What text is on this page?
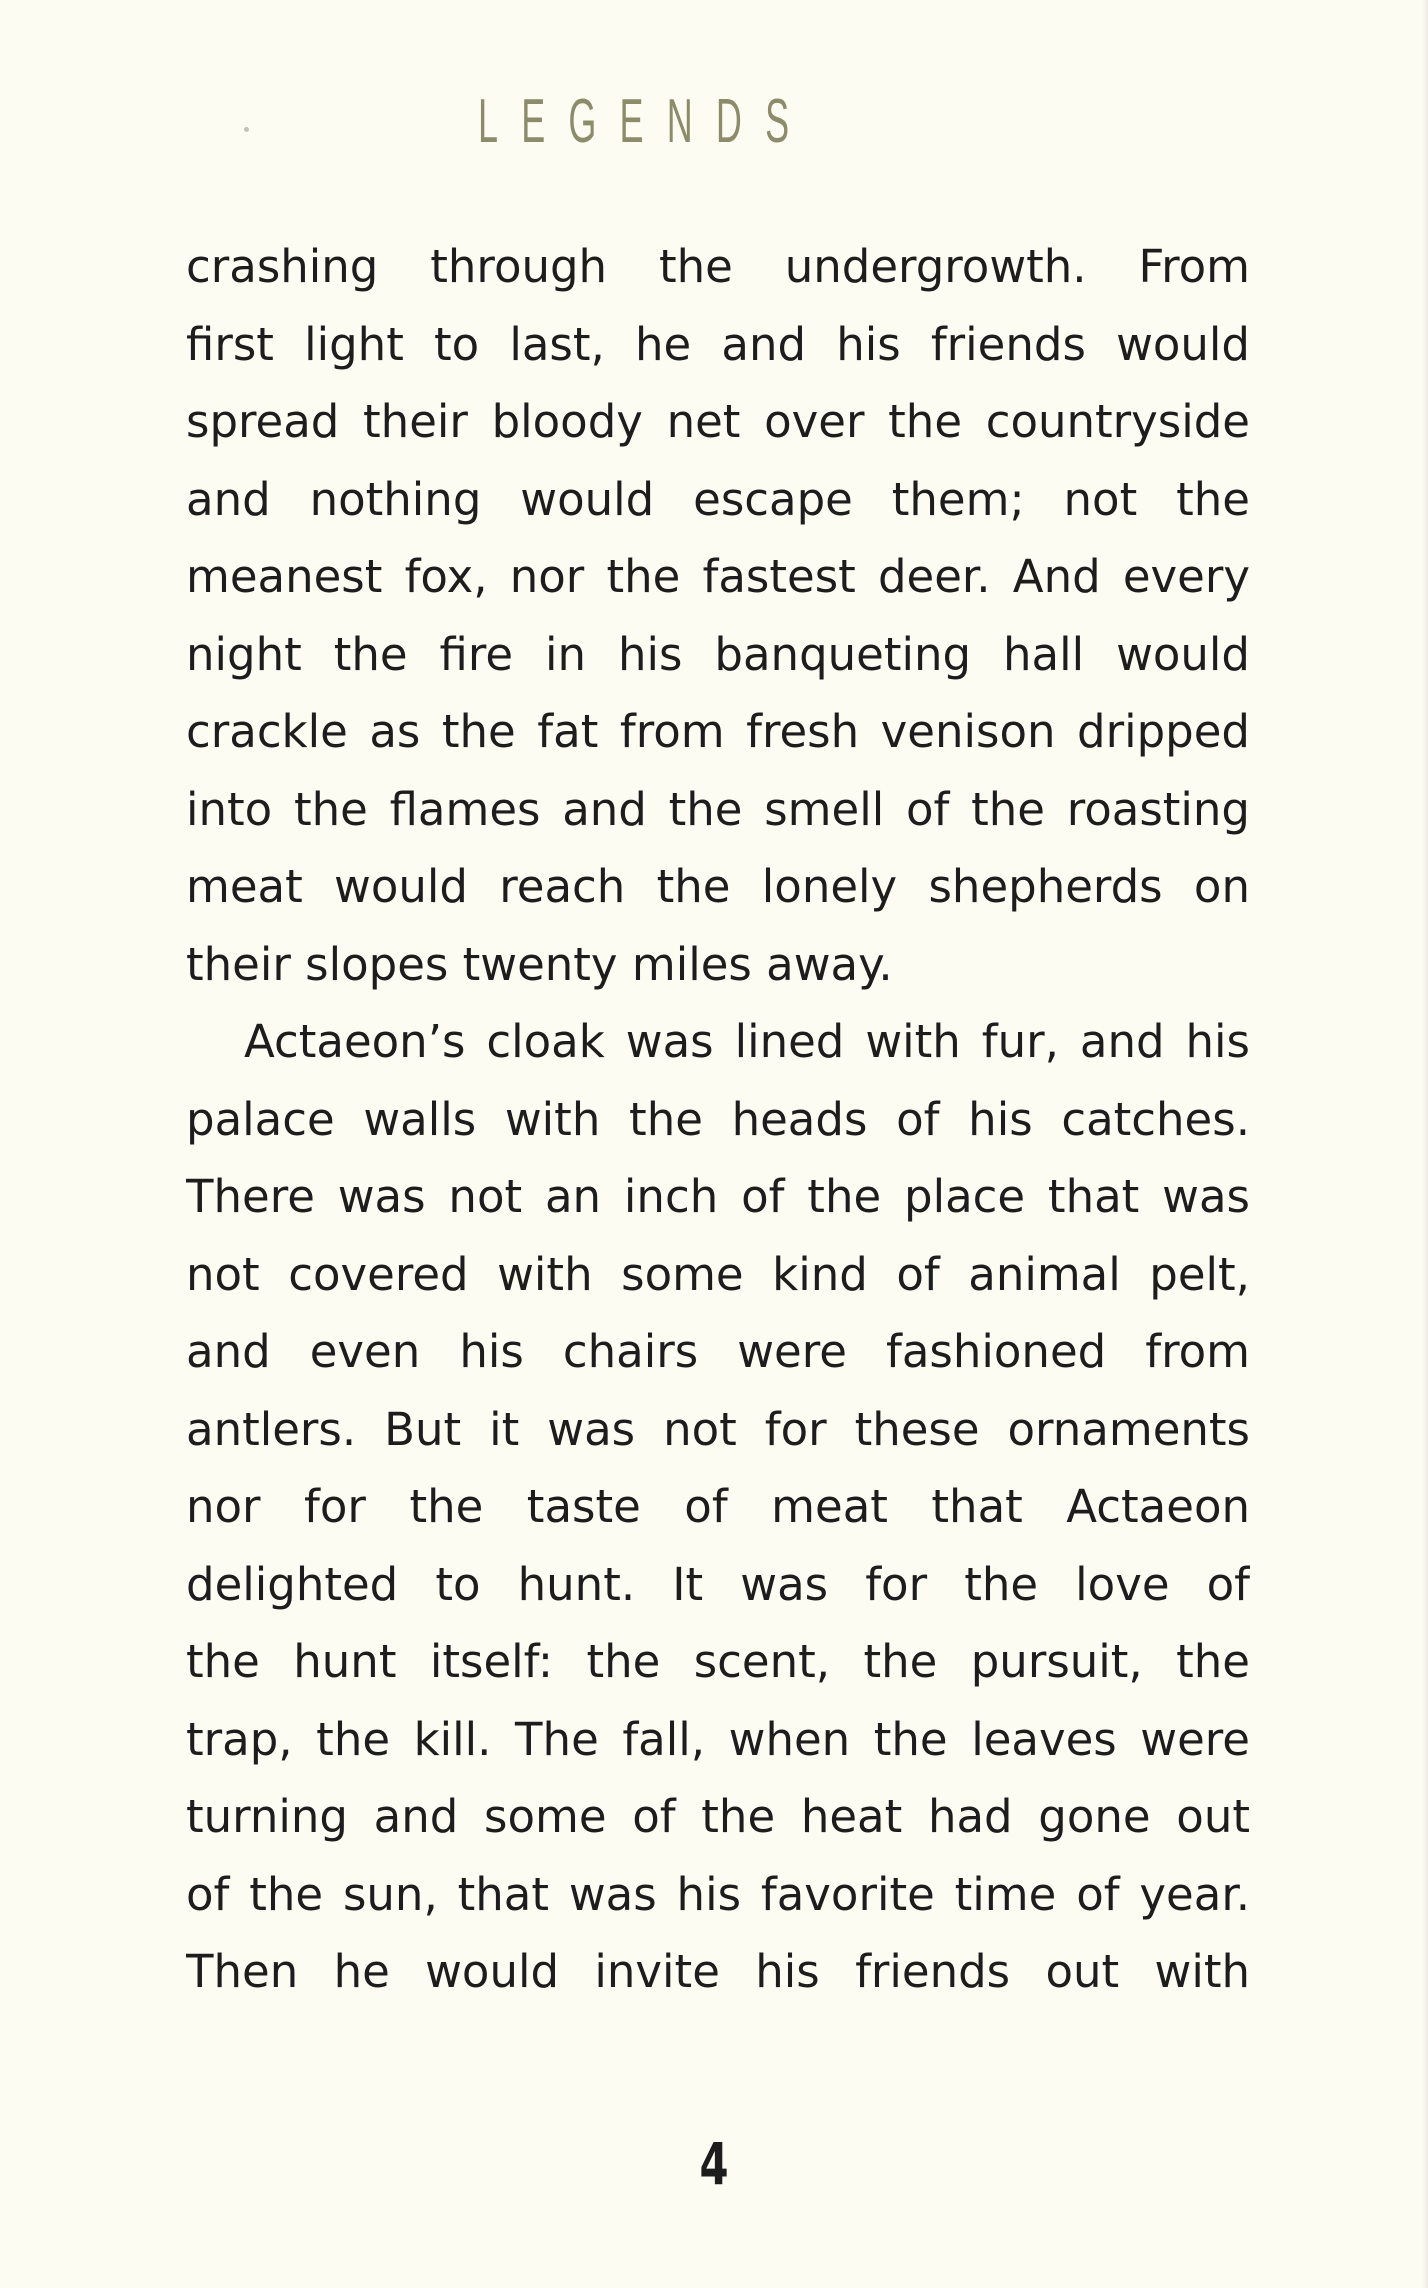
LEGENDS
crashing through the undergrowth. From
first light to last, he and his friends would
spread their bloody net over the countryside
and nothing would escape them; not the
meanest fox, nor the fastest deer. And every
night the fire in his banqueting hall would
crackle as the fat from fresh venison dripped
into the flames and the smell of the roasting
meat would reach the lonely shepherds on
their slopes twenty miles away.
Actaeon’s cloak was lined with fur, and his
palace walls with the heads of his catches.
There was not an inch of the place that was
not covered with some kind of animal pelt,
and even his chairs were fashioned from
antlers. But it was not for these ornaments
nor for the taste of meat that Actaeon
delighted to hunt. It was for the love of
the hunt itself: the scent, the pursuit, the
trap, the kill. The fall, when the leaves were
turning and some of the heat had gone out
of the sun, that was his favorite time of year.
Then he would invite his friends out with
4
